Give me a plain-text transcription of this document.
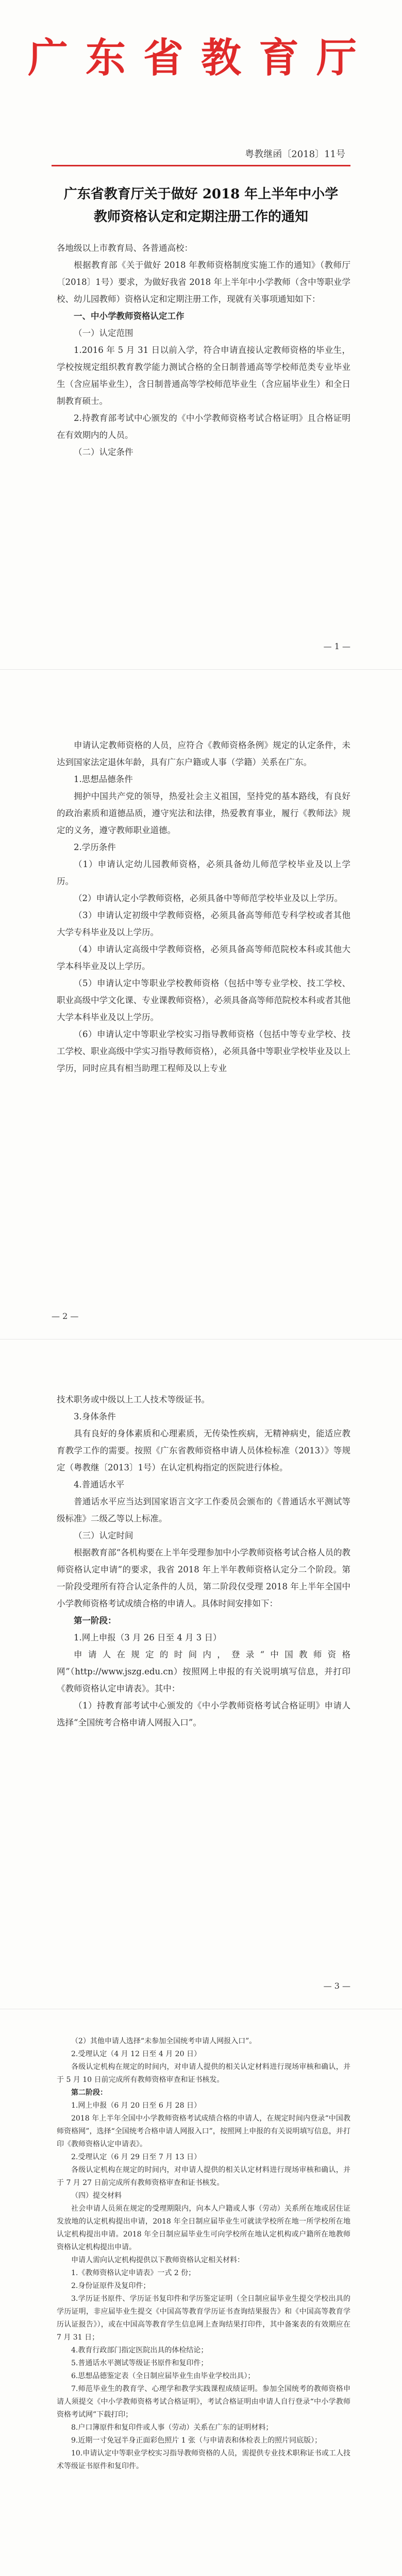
广东省教育厅
粤教继函〔2018〕11号
广东省教育厅关于做好 2018 年上半年中小学
教师资格认定和定期注册工作的通知

各地级以上市教育局、各普通高校：

根据教育部《关于做好 2018 年教师资格制度实施工作的通知》（教师厅〔2018〕1号）要求，为做好我省 2018 年上半年中小学教师（含中等职业学校、幼儿园教师）资格认定和定期注册工作，现就有关事项通知如下：

一、中小学教师资格认定工作

（一）认定范围

1.2016 年 5 月 31 日以前入学，符合申请直接认定教师资格的毕业生，学校按规定组织教育教学能力测试合格的全日制普通高等学校师范类专业毕业生（含应届毕业生），含日制普通高等学校师范毕业生（含应届毕业生）和全日制教育硕士。

2.持教育部考试中心颁发的《中小学教师资格考试合格证明》且合格证明在有效期内的人员。

（二）认定条件

— 1 —

申请认定教师资格的人员，应符合《教师资格条例》规定的认定条件，未达到国家法定退休年龄，具有广东户籍或人事（学籍）关系在广东。

1.思想品德条件

拥护中国共产党的领导，热爱社会主义祖国，坚持党的基本路线，有良好的政治素质和道德品质，遵守宪法和法律，热爱教育事业，履行《教师法》规定的义务，遵守教师职业道德。

2.学历条件

（1）申请认定幼儿园教师资格，必须具备幼儿师范学校毕业及以上学历。

（2）申请认定小学教师资格，必须具备中等师范学校毕业及以上学历。

（3）申请认定初级中学教师资格，必须具备高等师范专科学校或者其他大学专科毕业及以上学历。

（4）申请认定高级中学教师资格，必须具备高等师范院校本科或其他大学本科毕业及以上学历。

（5）申请认定中等职业学校教师资格（包括中等专业学校、技工学校、职业高级中学文化课、专业课教师资格），必须具备高等师范院校本科或者其他大学本科毕业及以上学历。

（6）申请认定中等职业学校实习指导教师资格（包括中等专业学校、技工学校、职业高级中学实习指导教师资格），必须具备中等职业学校毕业及以上学历，同时应具有相当助理工程师及以上专业

— 2 —

技术职务或中级以上工人技术等级证书。

3.身体条件

具有良好的身体素质和心理素质，无传染性疾病，无精神病史，能适应教育教学工作的需要。按照《广东省教师资格申请人员体检标准（2013）》等规定（粤教继〔2013〕1号）在认定机构指定的医院进行体检。

4.普通话水平

普通话水平应当达到国家语言文字工作委员会颁布的《普通话水平测试等级标准》二级乙等以上标准。

（三）认定时间

根据教育部“各机构要在上半年受理参加中小学教师资格考试合格人员的教师资格认定申请”的要求，我省 2018 年上半年教师资格认定分二个阶段。第一阶段受理所有符合认定条件的人员，第二阶段仅受理 2018 年上半年全国中小学教师资格考试成绩合格的申请人。具体时间安排如下：

第一阶段：

1.网上申报（3 月 26 日至 4 月 3 日）

申请人在规定的时间内，登录“中国教师资格网”（http://www.jszg.edu.cn）按照网上申报的有关说明填写信息，并打印《教师资格认定申请表》。其中：

（1）持教育部考试中心颁发的《中小学教师资格考试合格证明》申请人选择“全国统考合格申请人网报入口”。

— 3 —

（2）其他申请人选择“未参加全国统考申请人网报入口”。

2.受理认定（4 月 12 日至 4 月 20 日）

各级认定机构在规定的时间内，对申请人提供的相关认定材料进行现场审核和确认，并于 5 月 10 日前完成所有教师资格审查和证书核发。

第二阶段：

1.网上申报（6 月 20 日至 6 月 28 日）

2018 年上半年全国中小学教师资格考试成绩合格的申请人，在规定时间内登录“中国教师资格网”，选择“全国统考合格申请人网报入口”，按照网上申报的有关说明填写信息，并打印《教师资格认定申请表》。

2.受理认定（6 月 29 日至 7 月 13 日）

各级认定机构在规定的时间内，对申请人提供的相关认定材料进行现场审核和确认，并于 7 月 27 日前完成所有教师资格审查和证书核发。

（四）提交材料

社会申请人员须在规定的受理期限内，向本人户籍或人事（劳动）关系所在地或居住证发放地的认定机构提出申请，2018 年全日制应届毕业生可就读学校所在地一所学校所在地认定机构提出申请。2018 年全日制应届毕业生可向学校所在地认定机构或户籍所在地教师资格认定机构提出申请。

申请人需向认定机构提供以下教师资格认定相关材料：

1.《教师资格认定申请表》一式 2 份；

2.身份证原件及复印件；

3.学历证书原件、学历证书复印件和学历鉴定证明（全日制应届毕业生提交学校出具的学历证明，非应届毕业生提交《中国高等教育学历证书查询结果报告》和《中国高等教育学历认证报告》），或在中国高等教育学生信息网上查询结果打印件，其中备案表的有效期应在 7 月 31 日；

4.教育行政部门指定医院出具的体检结论；

5.普通话水平测试等级证书原件和复印件；

6.思想品德鉴定表（全日制应届毕业生由毕业学校出具）；

7.师范毕业生的教育学、心理学和教学实践课程成绩证明。参加全国统考的教师资格申请人须提交《中小学教师资格考试合格证明》，考试合格证明由申请人自行登录“中小学教师资格考试网”下载打印；

8.户口簿原件和复印件或人事（劳动）关系在广东的证明材料；

9.近期一寸免冠半身正面彩色照片 1 张（与申请表和体检表上的照片同底版）；

10.申请认定中等职业学校实习指导教师资格的人员，需提供专业技术职称证书或工人技术等级证书原件和复印件。
